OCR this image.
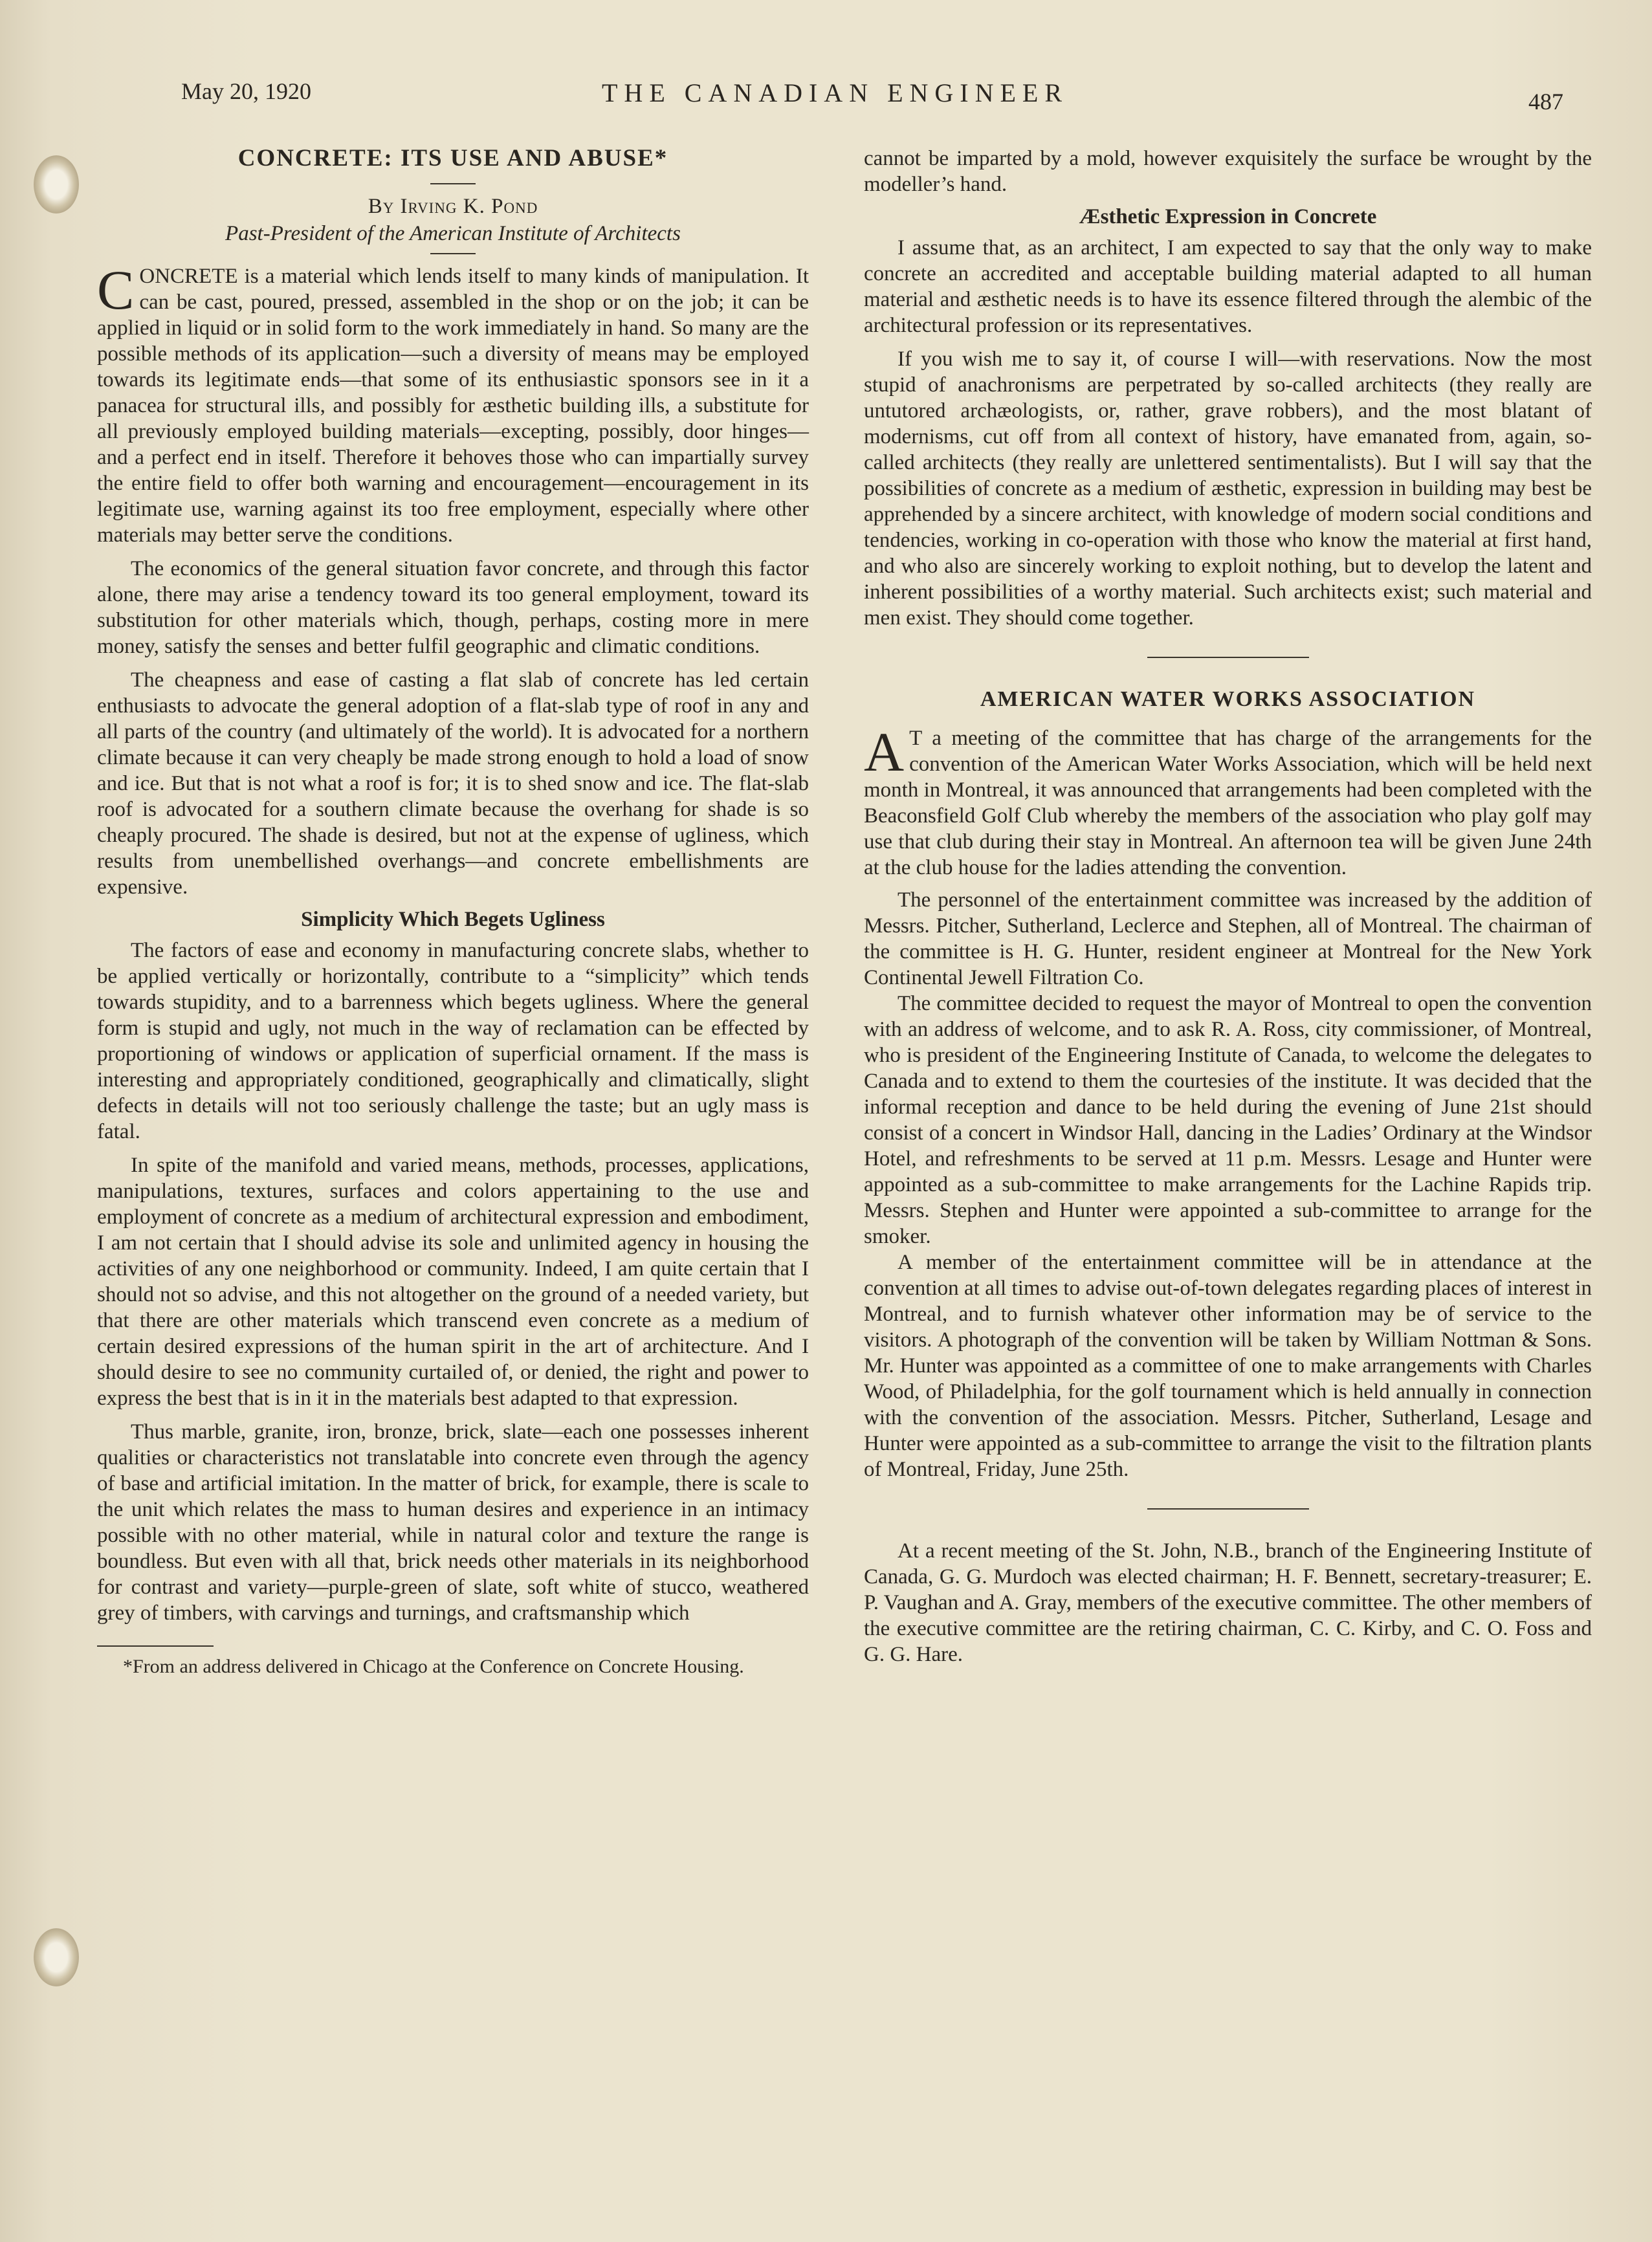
May 20, 1920	THE CANADIAN ENGINEER	487
CONCRETE: ITS USE AND ABUSE*
By Irving K. Pond
Past-President of the American Institute of Architects

CONCRETE is a material which lends itself to many kinds of manipulation. It can be cast, poured, pressed, assembled in the shop or on the job; it can be applied in liquid or in solid form to the work immediately in hand. So many are the possible methods of its application—such a diversity of means may be employed towards its legitimate ends—that some of its enthusiastic sponsors see in it a panacea for structural ills, and possibly for æsthetic building ills, a substitute for all previously employed building materials—excepting, possibly, door hinges—and a perfect end in itself. Therefore it behoves those who can impartially survey the entire field to offer both warning and encouragement—encouragement in its legitimate use, warning against its too free employment, especially where other materials may better serve the conditions.

The economics of the general situation favor concrete, and through this factor alone, there may arise a tendency toward its too general employment, toward its substitution for other materials which, though, perhaps, costing more in mere money, satisfy the senses and better fulfil geographic and climatic conditions.

The cheapness and ease of casting a flat slab of concrete has led certain enthusiasts to advocate the general adoption of a flat-slab type of roof in any and all parts of the country (and ultimately of the world). It is advocated for a northern climate because it can very cheaply be made strong enough to hold a load of snow and ice. But that is not what a roof is for; it is to shed snow and ice. The flat-slab roof is advocated for a southern climate because the overhang for shade is so cheaply procured. The shade is desired, but not at the expense of ugliness, which results from unembellished overhangs—and concrete embellishments are expensive.

Simplicity Which Begets Ugliness

The factors of ease and economy in manufacturing concrete slabs, whether to be applied vertically or horizontally, contribute to a “simplicity” which tends towards stupidity, and to a barrenness which begets ugliness. Where the general form is stupid and ugly, not much in the way of reclamation can be effected by proportioning of windows or application of superficial ornament. If the mass is interesting and appropriately conditioned, geographically and climatically, slight defects in details will not too seriously challenge the taste; but an ugly mass is fatal.

In spite of the manifold and varied means, methods, processes, applications, manipulations, textures, surfaces and colors appertaining to the use and employment of concrete as a medium of architectural expression and embodiment, I am not certain that I should advise its sole and unlimited agency in housing the activities of any one neighborhood or community. Indeed, I am quite certain that I should not so advise, and this not altogether on the ground of a needed variety, but that there are other materials which transcend even concrete as a medium of certain desired expressions of the human spirit in the art of architecture. And I should desire to see no community curtailed of, or denied, the right and power to express the best that is in it in the materials best adapted to that expression.

Thus marble, granite, iron, bronze, brick, slate—each one possesses inherent qualities or characteristics not translatable into concrete even through the agency of base and artificial imitation. In the matter of brick, for example, there is scale to the unit which relates the mass to human desires and experience in an intimacy possible with no other material, while in natural color and texture the range is boundless. But even with all that, brick needs other materials in its neighborhood for contrast and variety—purple-green of slate, soft white of stucco, weathered grey of timbers, with carvings and turnings, and craftsmanship which

*From an address delivered in Chicago at the Conference on Concrete Housing.

cannot be imparted by a mold, however exquisitely the surface be wrought by the modeller’s hand.

Æsthetic Expression in Concrete

I assume that, as an architect, I am expected to say that the only way to make concrete an accredited and acceptable building material adapted to all human material and æsthetic needs is to have its essence filtered through the alembic of the architectural profession or its representatives.

If you wish me to say it, of course I will—with reservations. Now the most stupid of anachronisms are perpetrated by so-called architects (they really are untutored archæologists, or, rather, grave robbers), and the most blatant of modernisms, cut off from all context of history, have emanated from, again, so-called architects (they really are unlettered sentimentalists). But I will say that the possibilities of concrete as a medium of æsthetic, expression in building may best be apprehended by a sincere architect, with knowledge of modern social conditions and tendencies, working in co-operation with those who know the material at first hand, and who also are sincerely working to exploit nothing, but to develop the latent and inherent possibilities of a worthy material. Such architects exist; such material and men exist. They should come together.

AMERICAN WATER WORKS ASSOCIATION

A T a meeting of the committee that has charge of the arrangements for the convention of the American Water Works Association, which will be held next month in Montreal, it was announced that arrangements had been completed with the Beaconsfield Golf Club whereby the members of the association who play golf may use that club during their stay in Montreal. An afternoon tea will be given June 24th at the club house for the ladies attending the convention.

The personnel of the entertainment committee was increased by the addition of Messrs. Pitcher, Sutherland, Leclerce and Stephen, all of Montreal. The chairman of the committee is H. G. Hunter, resident engineer at Montreal for the New York Continental Jewell Filtration Co.

The committee decided to request the mayor of Montreal to open the convention with an address of welcome, and to ask R. A. Ross, city commissioner, of Montreal, who is president of the Engineering Institute of Canada, to welcome the delegates to Canada and to extend to them the courtesies of the institute. It was decided that the informal reception and dance to be held during the evening of June 21st should consist of a concert in Windsor Hall, dancing in the Ladies’ Ordinary at the Windsor Hotel, and refreshments to be served at 11 p.m. Messrs. Lesage and Hunter were appointed as a sub-committee to make arrangements for the Lachine Rapids trip. Messrs. Stephen and Hunter were appointed a sub-committee to arrange for the smoker.

A member of the entertainment committee will be in attendance at the convention at all times to advise out-of-town delegates regarding places of interest in Montreal, and to furnish whatever other information may be of service to the visitors. A photograph of the convention will be taken by William Nottman & Sons. Mr. Hunter was appointed as a committee of one to make arrangements with Charles Wood, of Philadelphia, for the golf tournament which is held annually in connection with the convention of the association. Messrs. Pitcher, Sutherland, Lesage and Hunter were appointed as a sub-committee to arrange the visit to the filtration plants of Montreal, Friday, June 25th.

At a recent meeting of the St. John, N.B., branch of the Engineering Institute of Canada, G. G. Murdoch was elected chairman; H. F. Bennett, secretary-treasurer; E. P. Vaughan and A. Gray, members of the executive committee. The other members of the executive committee are the retiring chairman, C. C. Kirby, and C. O. Foss and G. G. Hare.
